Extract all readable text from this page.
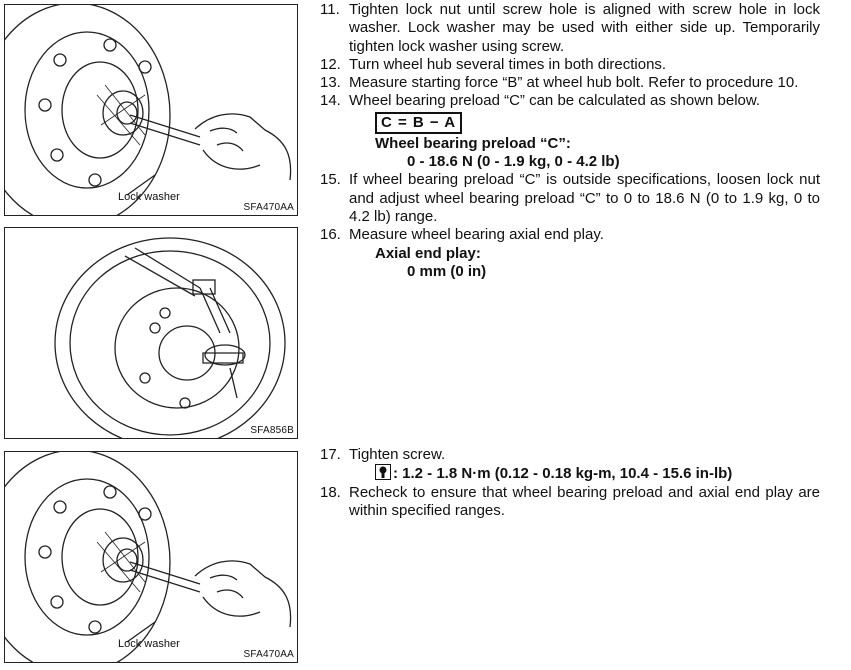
Lock washer
SFA470AA
SFA856B
Lock washer
SFA470AA
11. Tighten lock nut until screw hole is aligned with screw hole in lock washer. Lock washer may be used with either side up. Temporarily tighten lock washer using screw.
12. Turn wheel hub several times in both directions.
13. Measure starting force “B” at wheel hub bolt. Refer to procedure 10.
14. Wheel bearing preload “C” can be calculated as shown below.
C = B − A
Wheel bearing preload “C”:
0 - 18.6 N (0 - 1.9 kg, 0 - 4.2 lb)
15. If wheel bearing preload “C” is outside specifications, loosen lock nut and adjust wheel bearing preload “C” to 0 to 18.6 N (0 to 1.9 kg, 0 to 4.2 lb) range.
16. Measure wheel bearing axial end play.
Axial end play:
0 mm (0 in)
17. Tighten screw.
: 1.2 - 1.8 N·m (0.12 - 0.18 kg-m, 10.4 - 15.6 in-lb)
18. Recheck to ensure that wheel bearing preload and axial end play are within specified ranges.
